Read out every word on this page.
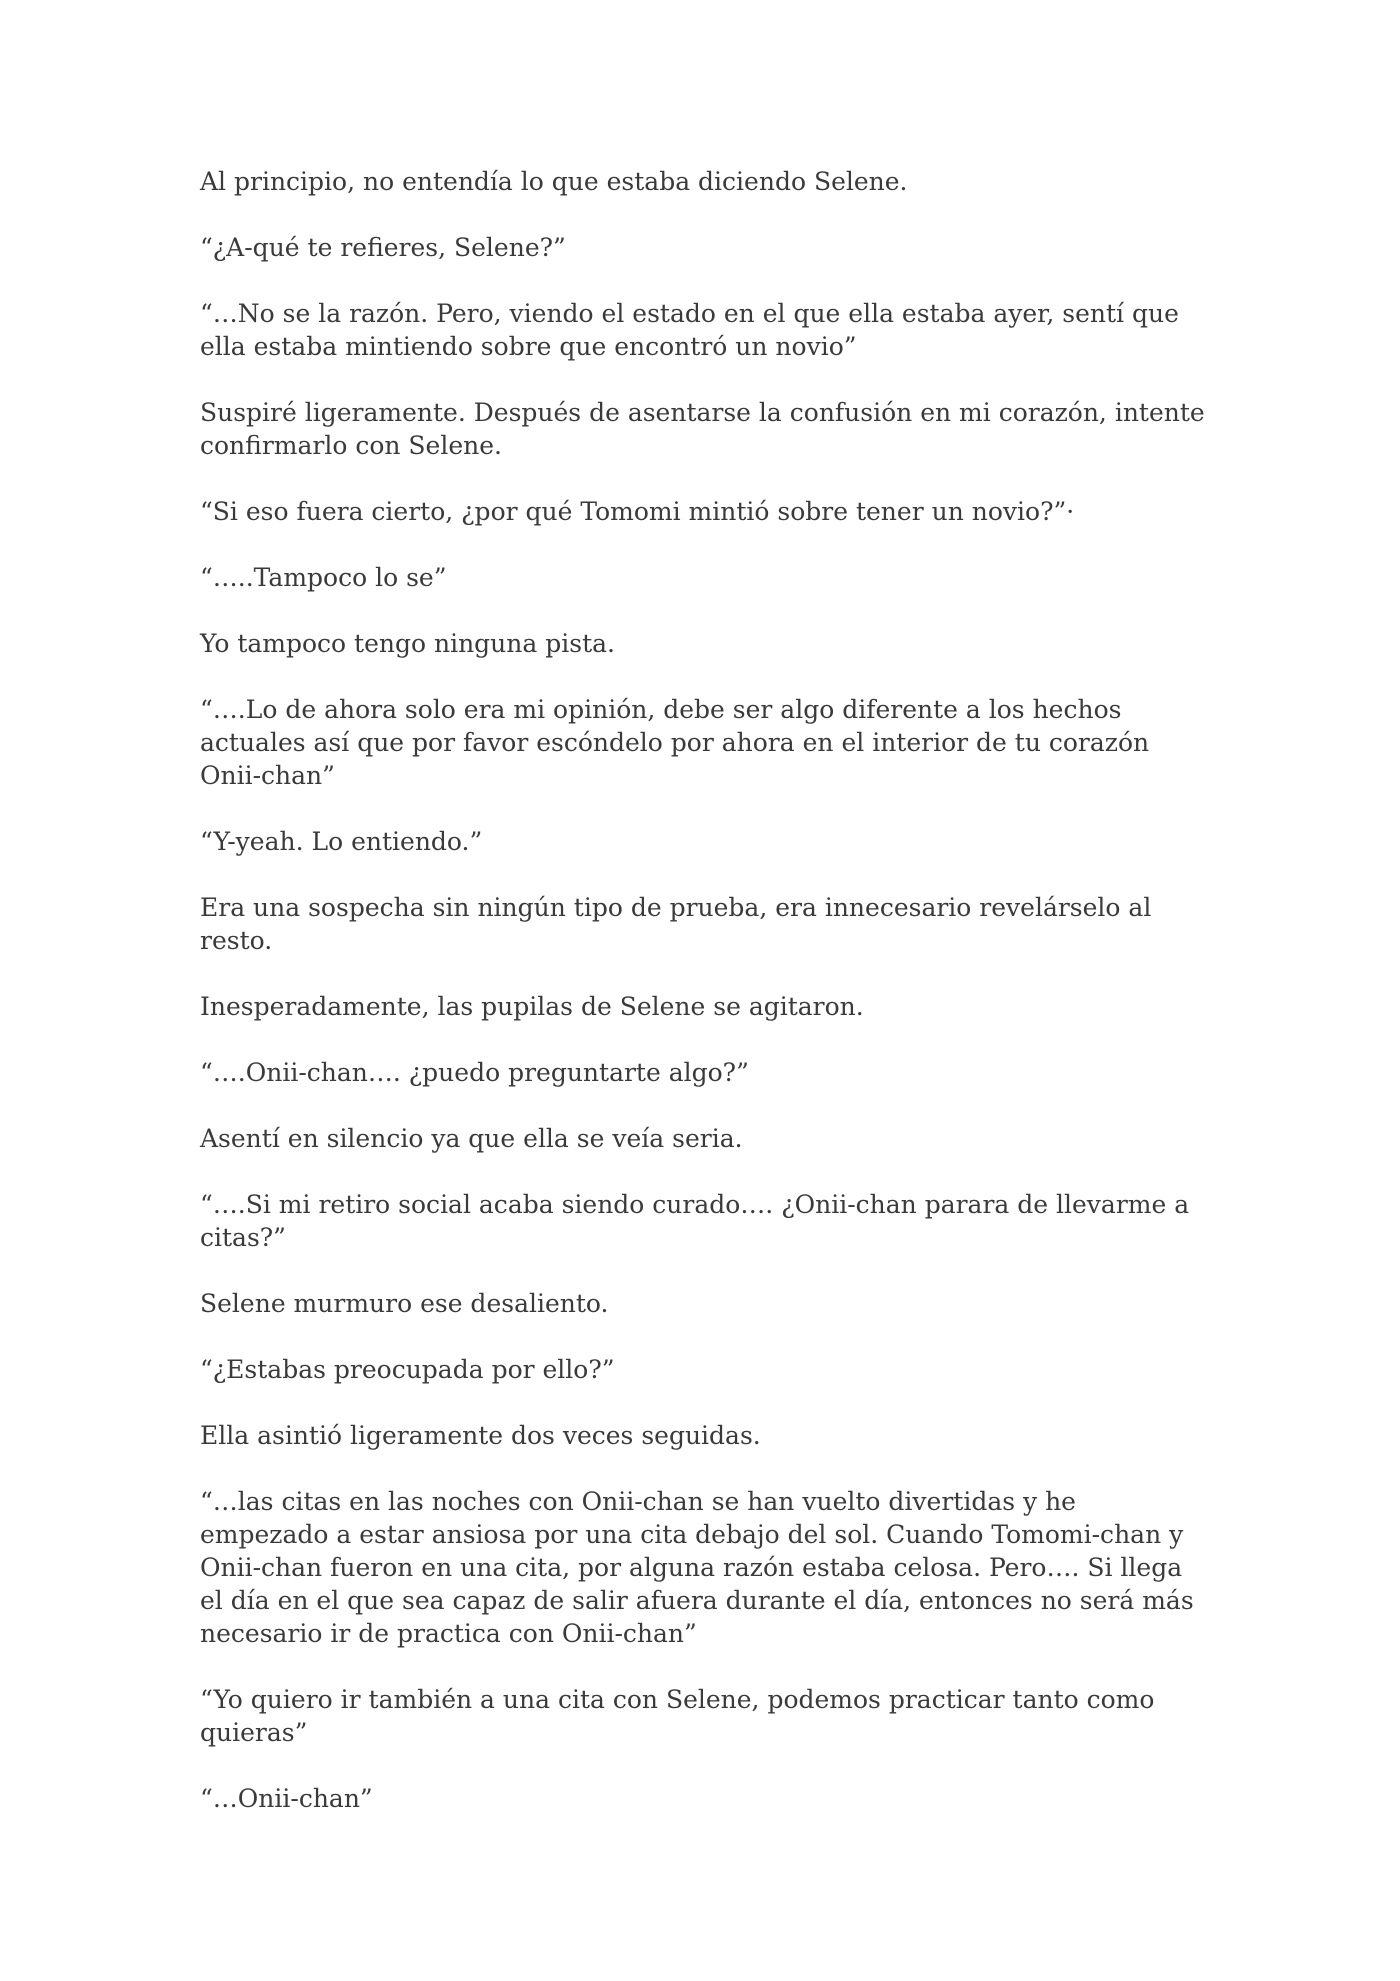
Al principio, no entendía lo que estaba diciendo Selene.

“¿A-qué te refieres, Selene?”

“…No se la razón. Pero, viendo el estado en el que ella estaba ayer, sentí que ella estaba mintiendo sobre que encontró un novio”

Suspiré ligeramente. Después de asentarse la confusión en mi corazón, intente confirmarlo con Selene.

“Si eso fuera cierto, ¿por qué Tomomi mintió sobre tener un novio?”·

“…..Tampoco lo se”

Yo tampoco tengo ninguna pista.

“….Lo de ahora solo era mi opinión, debe ser algo diferente a los hechos actuales así que por favor escóndelo por ahora en el interior de tu corazón Onii-chan”

“Y-yeah. Lo entiendo.”

Era una sospecha sin ningún tipo de prueba, era innecesario revelárselo al resto.

Inesperadamente, las pupilas de Selene se agitaron.

“….Onii-chan…. ¿puedo preguntarte algo?”

Asentí en silencio ya que ella se veía seria.

“….Si mi retiro social acaba siendo curado…. ¿Onii-chan parara de llevarme a citas?”

Selene murmuro ese desaliento.

“¿Estabas preocupada por ello?”

Ella asintió ligeramente dos veces seguidas.

“…las citas en las noches con Onii-chan se han vuelto divertidas y he empezado a estar ansiosa por una cita debajo del sol. Cuando Tomomi-chan y Onii-chan fueron en una cita, por alguna razón estaba celosa. Pero…. Si llega el día en el que sea capaz de salir afuera durante el día, entonces no será más necesario ir de practica con Onii-chan”

“Yo quiero ir también a una cita con Selene, podemos practicar tanto como quieras”

“…Onii-chan”
